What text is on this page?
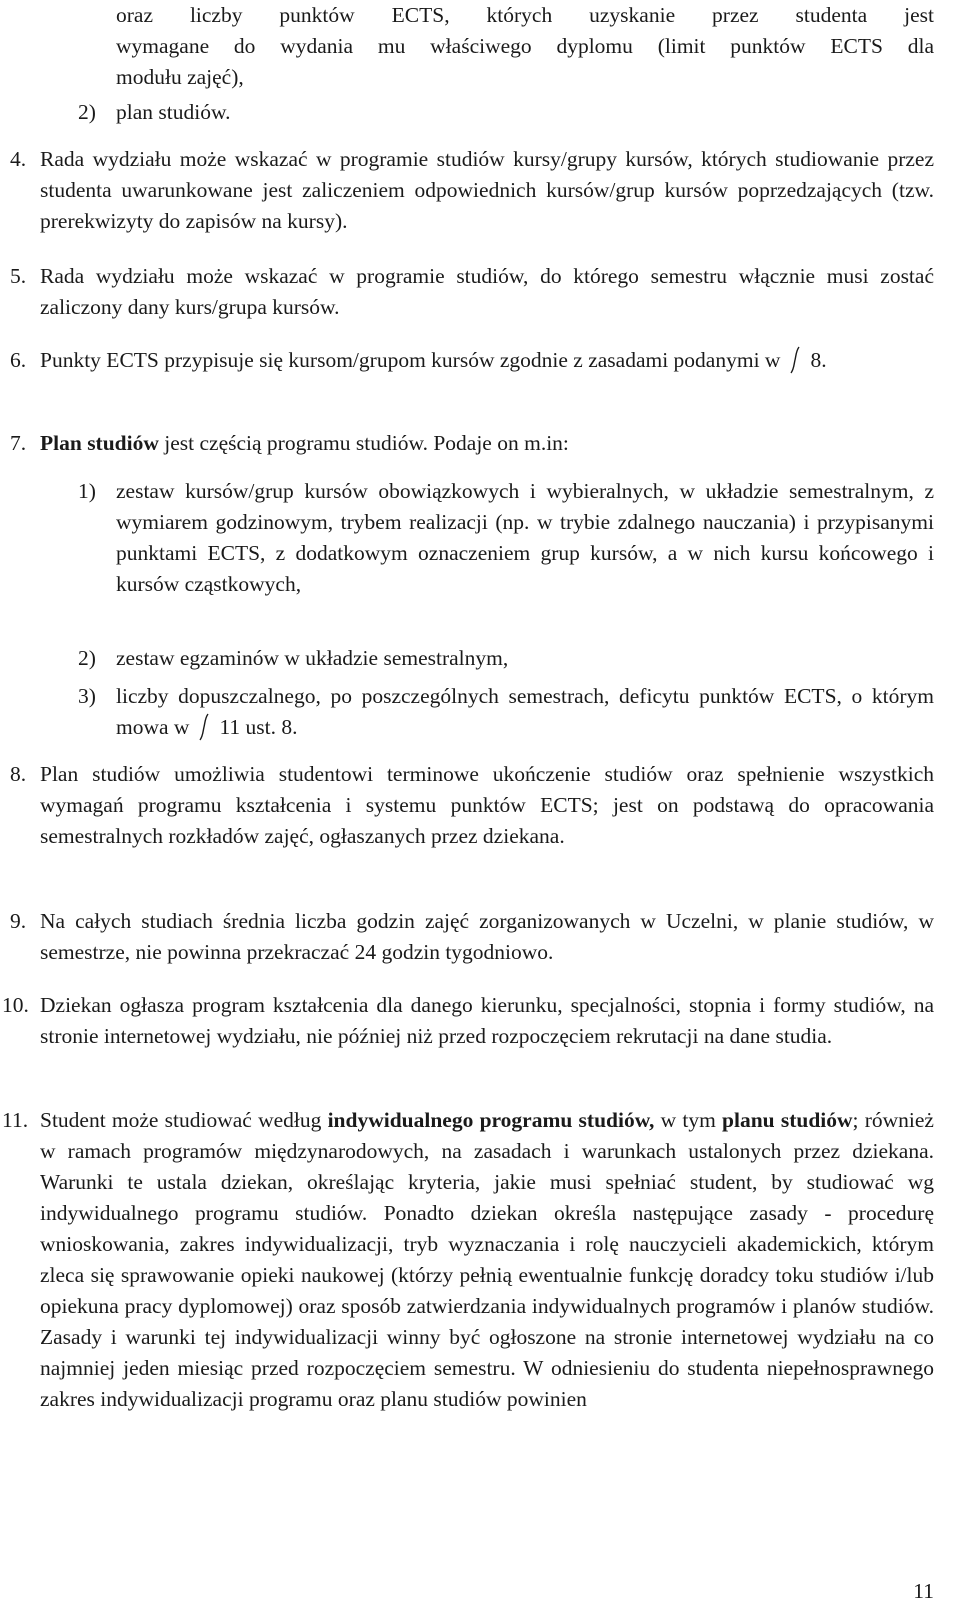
oraz liczby punktów ECTS, których uzyskanie przez studenta jest
wymagane do wydania mu właściwego dyplomu (limit punktów ECTS dla
modułu zajęć),
2) plan studiów.
4. Rada wydziału może wskazać w programie studiów kursy/grupy kursów, których studiowanie przez studenta uwarunkowane jest zaliczeniem odpowiednich kursów/grup kursów poprzedzających (tzw. prerekwizyty do zapisów na kursy).
5. Rada wydziału może wskazać w programie studiów, do którego semestru włącznie musi zostać zaliczony dany kurs/grupa kursów.
6. Punkty ECTS przypisuje się kursom/grupom kursów zgodnie z zasadami podanymi w 8.
7. Plan studiów jest częścią programu studiów. Podaje on m.in:
1) zestaw kursów/grup kursów obowiązkowych i wybieralnych, w układzie semestralnym, z wymiarem godzinowym, trybem realizacji (np. w trybie zdalnego nauczania) i przypisanymi punktami ECTS, z dodatkowym oznaczeniem grup kursów, a w nich kursu końcowego i kursów cząstkowych,
2) zestaw egzaminów w układzie semestralnym,
3) liczby dopuszczalnego, po poszczególnych semestrach, deficytu punktów ECTS, o którym mowa w 11 ust. 8.
8. Plan studiów umożliwia studentowi terminowe ukończenie studiów oraz spełnienie wszystkich wymagań programu kształcenia i systemu punktów ECTS; jest on podstawą do opracowania semestralnych rozkładów zajęć, ogłaszanych przez dziekana.
9. Na całych studiach średnia liczba godzin zajęć zorganizowanych w Uczelni, w planie studiów, w semestrze, nie powinna przekraczać 24 godzin tygodniowo.
10. Dziekan ogłasza program kształcenia dla danego kierunku, specjalności, stopnia i formy studiów, na stronie internetowej wydziału, nie później niż przed rozpoczęciem rekrutacji na dane studia.
11. Student może studiować według indywidualnego programu studiów, w tym planu studiów; również w ramach programów międzynarodowych, na zasadach i warunkach ustalonych przez dziekana. Warunki te ustala dziekan, określając kryteria, jakie musi spełniać student, by studiować wg indywidualnego programu studiów. Ponadto dziekan określa następujące zasady - procedurę wnioskowania, zakres indywidualizacji, tryb wyznaczania i rolę nauczycieli akademickich, którym zleca się sprawowanie opieki naukowej (którzy pełnią ewentualnie funkcję doradcy toku studiów i/lub opiekuna pracy dyplomowej) oraz sposób zatwierdzania indywidualnych programów i planów studiów. Zasady i warunki tej indywidualizacji winny być ogłoszone na stronie internetowej wydziału na co najmniej jeden miesiąc przed rozpoczęciem semestru. W odniesieniu do studenta niepełnosprawnego zakres indywidualizacji programu oraz planu studiów powinien
11
